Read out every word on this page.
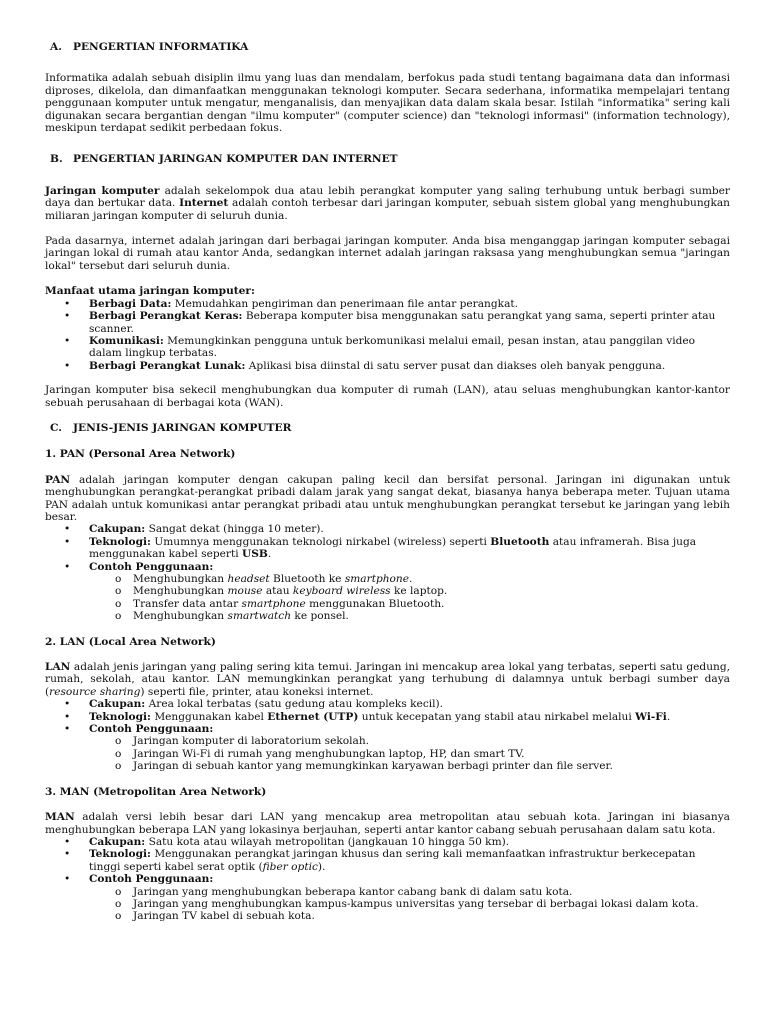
A.	PENGERTIAN INFORMATIKA

Informatika adalah sebuah disiplin ilmu yang luas dan mendalam, berfokus pada studi tentang bagaimana data dan informasi diproses, dikelola, dan dimanfaatkan menggunakan teknologi komputer. Secara sederhana, informatika mempelajari tentang penggunaan komputer untuk mengatur, menganalisis, dan menyajikan data dalam skala besar. Istilah "informatika" sering kali digunakan secara bergantian dengan "ilmu komputer" (computer science) dan "teknologi informasi" (information technology), meskipun terdapat sedikit perbedaan fokus.

B. PENGERTIAN JARINGAN KOMPUTER DAN INTERNET

Jaringan komputer adalah sekelompok dua atau lebih perangkat komputer yang saling terhubung untuk berbagi sumber daya dan bertukar data. Internet adalah contoh terbesar dari jaringan komputer, sebuah sistem global yang menghubungkan miliaran jaringan komputer di seluruh dunia.

Pada dasarnya, internet adalah jaringan dari berbagai jaringan komputer. Anda bisa menganggap jaringan komputer sebagai jaringan lokal di rumah atau kantor Anda, sedangkan internet adalah jaringan raksasa yang menghubungkan semua "jaringan lokal" tersebut dari seluruh dunia.

Manfaat utama jaringan komputer:

• Berbagi Data: Memudahkan pengiriman dan penerimaan file antar perangkat.
• Berbagi Perangkat Keras: Beberapa komputer bisa menggunakan satu perangkat yang sama, seperti printer atau scanner.
• Komunikasi: Memungkinkan pengguna untuk berkomunikasi melalui email, pesan instan, atau panggilan video dalam lingkup terbatas.
• Berbagi Perangkat Lunak: Aplikasi bisa diinstal di satu server pusat dan diakses oleh banyak pengguna.

Jaringan komputer bisa sekecil menghubungkan dua komputer di rumah (LAN), atau seluas menghubungkan kantor-kantor sebuah perusahaan di berbagai kota (WAN).

C.	JENIS-JENIS JARINGAN KOMPUTER

1. PAN (Personal Area Network)

PAN adalah jaringan komputer dengan cakupan paling kecil dan bersifat personal. Jaringan ini digunakan untuk menghubungkan perangkat-perangkat pribadi dalam jarak yang sangat dekat, biasanya hanya beberapa meter. Tujuan utama PAN adalah untuk komunikasi antar perangkat pribadi atau untuk menghubungkan perangkat tersebut ke jaringan yang lebih besar.

• Cakupan: Sangat dekat (hingga 10 meter).
• Teknologi: Umumnya menggunakan teknologi nirkabel (wireless) seperti Bluetooth atau inframerah. Bisa juga menggunakan kabel seperti USB.
• Contoh Penggunaan:
o Menghubungkan headset Bluetooth ke smartphone.
o Menghubungkan mouse atau keyboard wireless ke laptop.
o Transfer data antar smartphone menggunakan Bluetooth.
o Menghubungkan smartwatch ke ponsel.

2. LAN (Local Area Network)

LAN adalah jenis jaringan yang paling sering kita temui. Jaringan ini mencakup area lokal yang terbatas, seperti satu gedung, rumah, sekolah, atau kantor. LAN memungkinkan perangkat yang terhubung di dalamnya untuk berbagi sumber daya (resource sharing) seperti file, printer, atau koneksi internet.

• Cakupan: Area lokal terbatas (satu gedung atau kompleks kecil).
• Teknologi: Menggunakan kabel Ethernet (UTP) untuk kecepatan yang stabil atau nirkabel melalui Wi-Fi.
• Contoh Penggunaan:
o Jaringan komputer di laboratorium sekolah.
o Jaringan Wi-Fi di rumah yang menghubungkan laptop, HP, dan smart TV.
o Jaringan di sebuah kantor yang memungkinkan karyawan berbagi printer dan file server.

3. MAN (Metropolitan Area Network)

MAN adalah versi lebih besar dari LAN yang mencakup area metropolitan atau sebuah kota. Jaringan ini biasanya menghubungkan beberapa LAN yang lokasinya berjauhan, seperti antar kantor cabang sebuah perusahaan dalam satu kota.

• Cakupan: Satu kota atau wilayah metropolitan (jangkauan 10 hingga 50 km).
• Teknologi: Menggunakan perangkat jaringan khusus dan sering kali memanfaatkan infrastruktur berkecepatan tinggi seperti kabel serat optik (fiber optic).
• Contoh Penggunaan:
o Jaringan yang menghubungkan beberapa kantor cabang bank di dalam satu kota.
o Jaringan yang menghubungkan kampus-kampus universitas yang tersebar di berbagai lokasi dalam kota.
o Jaringan TV kabel di sebuah kota.
